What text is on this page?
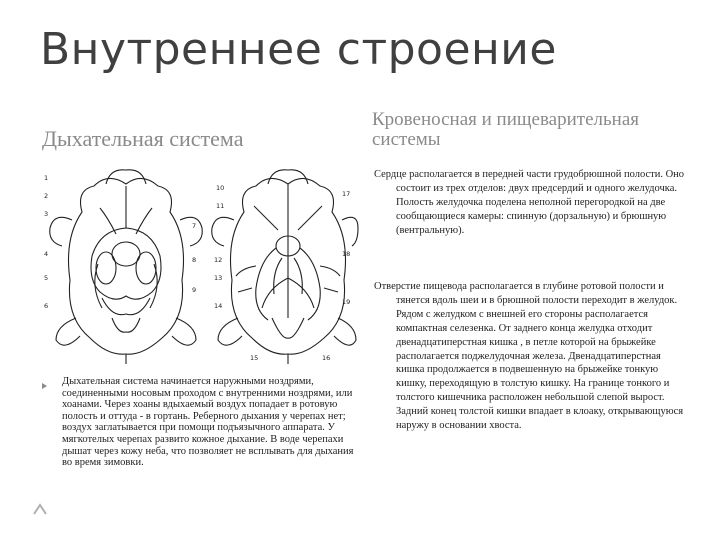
Внутреннее строение
Дыхательная система
Кровеносная и пищеварительная системы
1
2
3
4
5
6
7
8
9
10
11
12
13
14
15	16
17
18
19
Дыхательная система начинается наружными ноздрями, соединенными носовым проходом с внутренними ноздрями, или хоанами. Через хоаны вдыхаемый воздух попадает в ротовую полость и оттуда - в гортань. Реберного дыхания у черепах нет; воздух заглатывается при помощи подъязычного аппарата. У мягкотелых черепах развито кожное дыхание. В воде черепахи дышат через кожу неба, что позволяет не всплывать для дыхания во время зимовки.
Сердце располагается в передней части грудобрюшной полости. Оно состоит из трех отделов: двух предсердий и одного желудочка. Полость желудочка поделена неполной перегородкой на две сообщающиеся камеры: спинную (дорзальную) и брюшную (вентральную).
Отверстие пищевода располагается в глубине ротовой полости и тянется вдоль шеи и в брюшной полости переходит в желудок. Рядом с желудком с внешней его стороны располагается компактная селезенка. От заднего конца желудка отходит двенадцатиперстная кишка , в петле которой на брыжейке располагается поджелудочная железа. Двенадцатиперстная кишка продолжается в подвешенную на брыжейке тонкую кишку, переходящую в толстую кишку. На границе тонкого и толстого кишечника расположен небольшой слепой вырост. Задний конец толстой кишки впадает в клоаку, открывающуюся наружу в основании хвоста.
